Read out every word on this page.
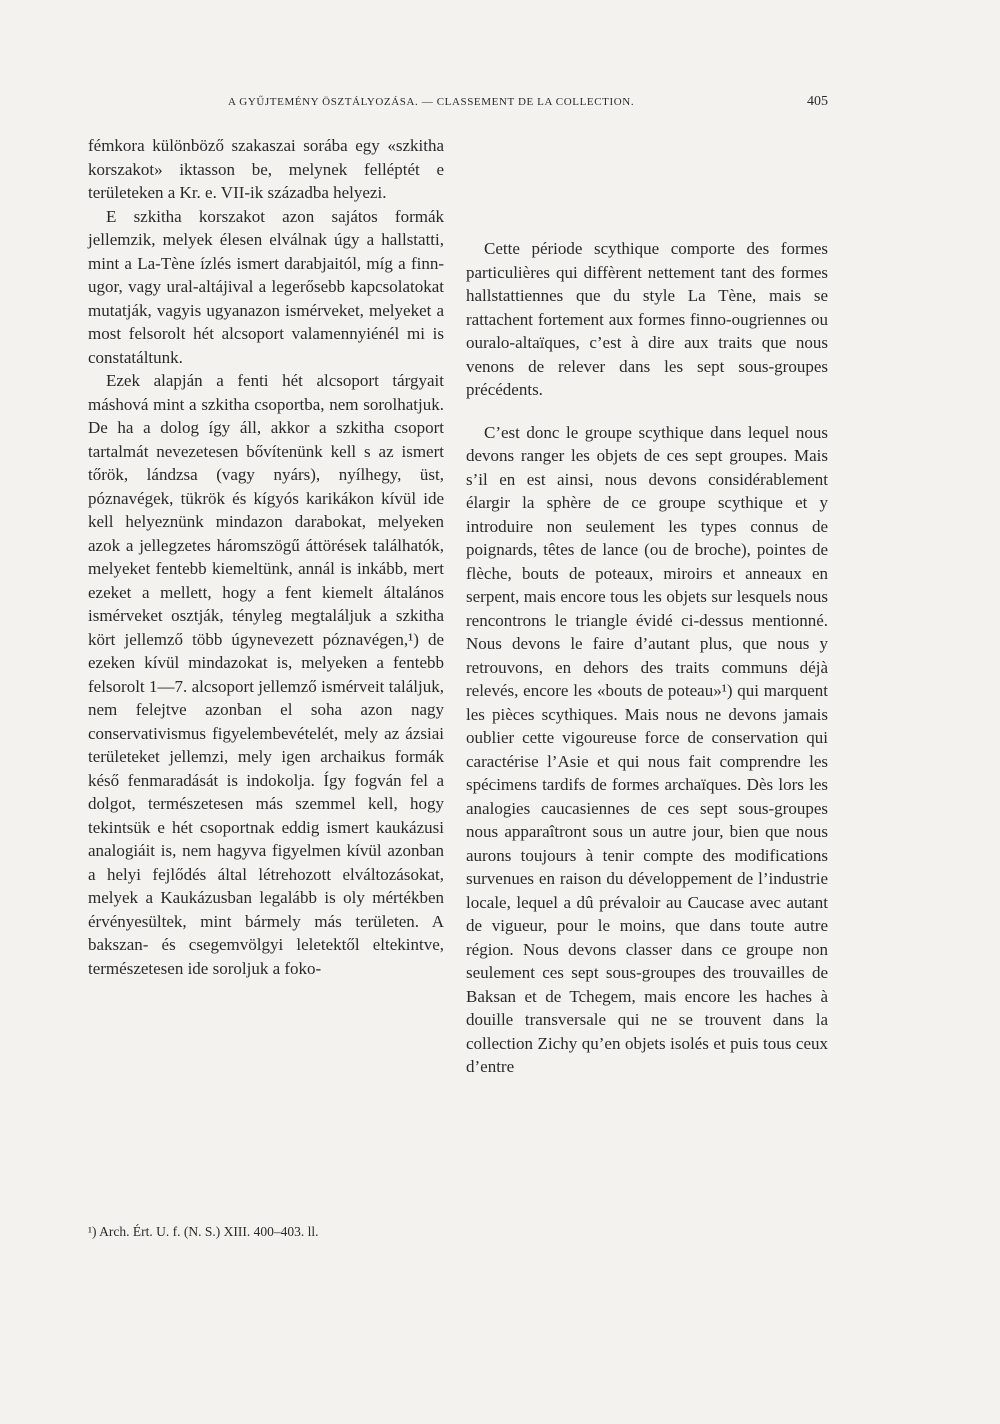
A GYŰJTEMÉNY ÖSZTÁLYOZÁSA. — CLASSEMENT DE LA COLLECTION.	405

fémkora különböző szakaszai sorába egy «szkitha korszakot» iktasson be, melynek felléptét e területeken a Kr. e. VII-ik századba helyezi.

E szkitha korszakot azon sajátos formák jellemzik, melyek élesen elválnak úgy a hallstatti, mint a La-Tène ízlés ismert darabjaitól, míg a finn-ugor, vagy ural-altájival a legerősebb kapcsolatokat mutatják, vagyis ugyanazon ismérveket, melyeket a most felsorolt hét alcsoport valamennyiénél mi is constatáltunk.

Ezek alapján a fenti hét alcsoport tárgyait máshová mint a szkitha csoportba, nem sorolhatjuk. De ha a dolog így áll, akkor a szkitha csoport tartalmát nevezetesen bővítenünk kell s az ismert tőrök, lándzsa (vagy nyárs), nyílhegy, üst, póznavégek, tükrök és kígyós karikákon kívül ide kell helyeznünk mindazon darabokat, melyeken azok a jellegzetes háromszögű áttörések találhatók, melyeket fentebb kiemeltünk, annál is inkább, mert ezeket a mellett, hogy a fent kiemelt általános ismérveket osztják, tényleg megtaláljuk a szkitha kört jellemző több úgynevezett póznavégen,¹) de ezeken kívül mindazokat is, melyeken a fentebb felsorolt 1—7. alcsoport jellemző ismérveit találjuk, nem felejtve azonban el soha azon nagy conservativismus figyelembevételét, mely az ázsiai területeket jellemzi, mely igen archaikus formák késő fenmaradását is indokolja. Így fogván fel a dolgot, természetesen más szemmel kell, hogy tekintsük e hét csoportnak eddig ismert kaukázusi analogiáit is, nem hagyva figyelmen kívül azonban a helyi fejlődés által létrehozott elváltozásokat, melyek a Kaukázusban legalább is oly mértékben érvényesültek, mint bármely más területen. A bakszan- és csegemvölgyi leletektől eltekintve, természetesen ide soroljuk a foko-

Cette période scythique comporte des formes particulières qui diffèrent nettement tant des formes hallstattiennes que du style La Tène, mais se rattachent fortement aux formes finno-ougriennes ou ouralo-altaïques, c’est à dire aux traits que nous venons de relever dans les sept sous-groupes précédents.

C’est donc le groupe scythique dans lequel nous devons ranger les objets de ces sept groupes. Mais s’il en est ainsi, nous devons considérablement élargir la sphère de ce groupe scythique et y introduire non seulement les types connus de poignards, têtes de lance (ou de broche), pointes de flèche, bouts de poteaux, miroirs et anneaux en serpent, mais encore tous les objets sur lesquels nous rencontrons le triangle évidé ci-dessus mentionné. Nous devons le faire d’autant plus, que nous y retrouvons, en dehors des traits communs déjà relevés, encore les «bouts de poteau»¹) qui marquent les pièces scythiques. Mais nous ne devons jamais oublier cette vigoureuse force de conservation qui caractérise l’Asie et qui nous fait comprendre les spécimens tardifs de formes archaïques. Dès lors les analogies caucasiennes de ces sept sous-groupes nous apparaîtront sous un autre jour, bien que nous aurons toujours à tenir compte des modifications survenues en raison du développement de l’industrie locale, lequel a dû prévaloir au Caucase avec autant de vigueur, pour le moins, que dans toute autre région. Nous devons classer dans ce groupe non seulement ces sept sous-groupes des trouvailles de Baksan et de Tchegem, mais encore les haches à douille transversale qui ne se trouvent dans la collection Zichy qu’en objets isolés et puis tous ceux d’entre

¹) Arch. Ért. U. f. (N. S.) XIII. 400–403. ll.
